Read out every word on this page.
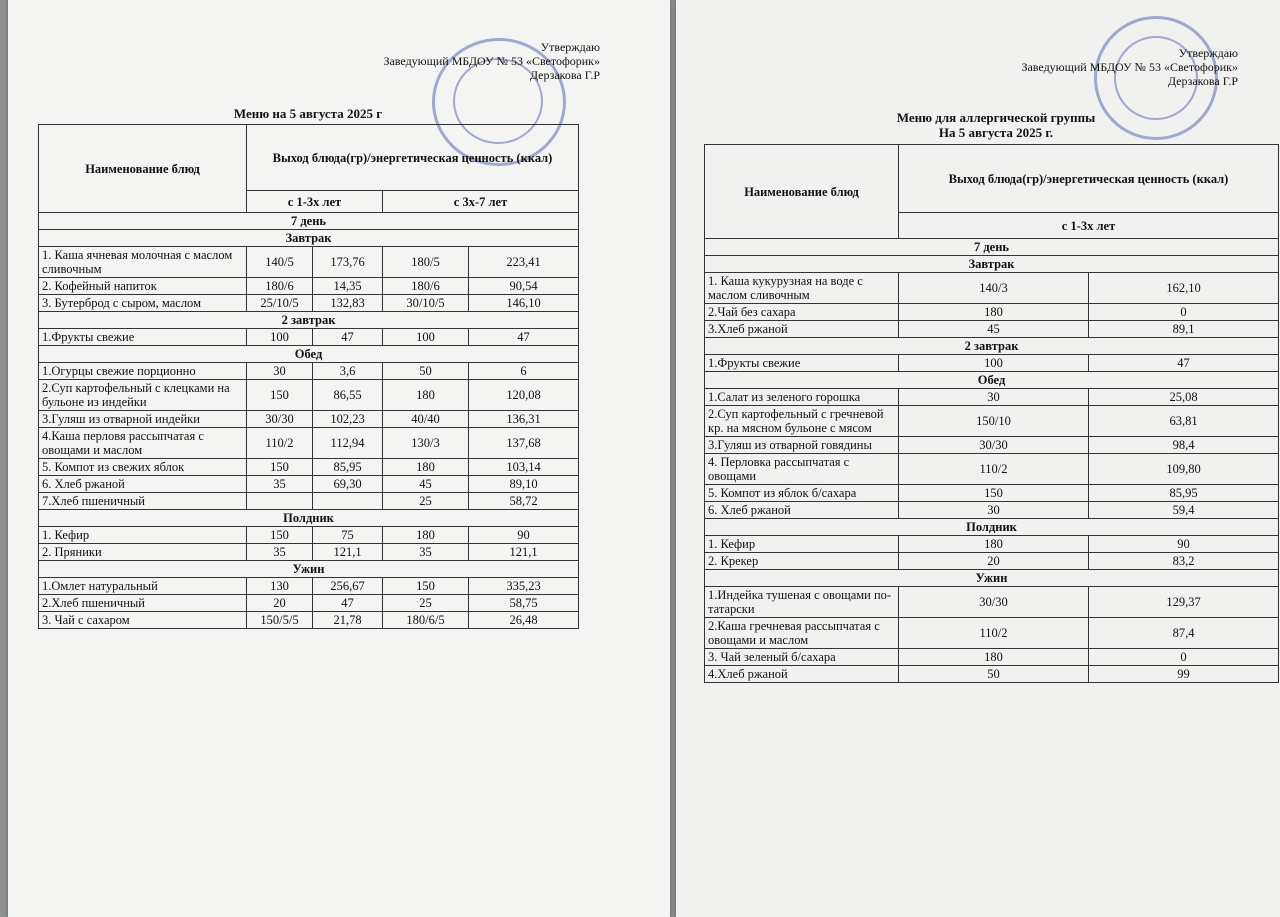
Утверждаю
Заведующий МБДОУ № 53 «Светофорик»
Дерзакова Г.Р
Меню на 5 августа 2025 г
Наименование блюд	Выход блюда(гр)/энергетическая ценность (ккал)			
	с 1-3х лет		с 3х-7 лет	
7 день				
Завтрак				
1. Каша ячневая молочная с маслом сливочным	140/5	173,76	180/5	223,41
2. Кофейный напиток	180/6	14,35	180/6	90,54
3. Бутерброд с сыром, маслом	25/10/5	132,83	30/10/5	146,10
2 завтрак				
1.Фрукты свежие	100	47	100	47
Обед				
1.Огурцы свежие порционно	30	3,6	50	6
2.Суп картофельный с клецками на бульоне из индейки	150	86,55	180	120,08
3.Гуляш из отварной индейки	30/30	102,23	40/40	136,31
4.Каша перловя рассыпчатая с овощами и маслом	110/2	112,94	130/3	137,68
5. Компот из свежих яблок	150	85,95	180	103,14
6. Хлеб ржаной	35	69,30	45	89,10
7.Хлеб пшеничный			25	58,72
Полдник				
1. Кефир	150	75	180	90
2. Пряники	35	121,1	35	121,1
Ужин				
1.Омлет натуральный	130	256,67	150	335,23
2.Хлеб пшеничный	20	47	25	58,75
3. Чай с сахаром	150/5/5	21,78	180/6/5	26,48
Утверждаю
Заведующий МБДОУ № 53 «Светофорик»
Дерзакова Г.Р
Меню для аллергической группы
На 5 августа 2025 г.
Наименование блюд	Выход блюда(гр)/энергетическая ценность (ккал)	
	с 1-3х лет	
7 день		
Завтрак		
1. Каша кукурузная на воде с маслом сливочным	140/3	162,10
2.Чай без сахара	180	0
3.Хлеб ржаной	45	89,1
2 завтрак		
1.Фрукты свежие	100	47
Обед		
1.Салат из зеленого горошка	30	25,08
2.Суп картофельный с гречневой кр. на мясном бульоне с мясом	150/10	63,81
3.Гуляш из отварной говядины	30/30	98,4
4. Перловка рассыпчатая с овощами	110/2	109,80
5. Компот из яблок б/сахара	150	85,95
6. Хлеб ржаной	30	59,4
Полдник		
1. Кефир	180	90
2. Крекер	20	83,2
Ужин		
1.Индейка тушеная с овощами по-татарски	30/30	129,37
2.Каша гречневая рассыпчатая с овощами и маслом	110/2	87,4
3. Чай зеленый б/сахара	180	0
4.Хлеб ржаной	50	99
